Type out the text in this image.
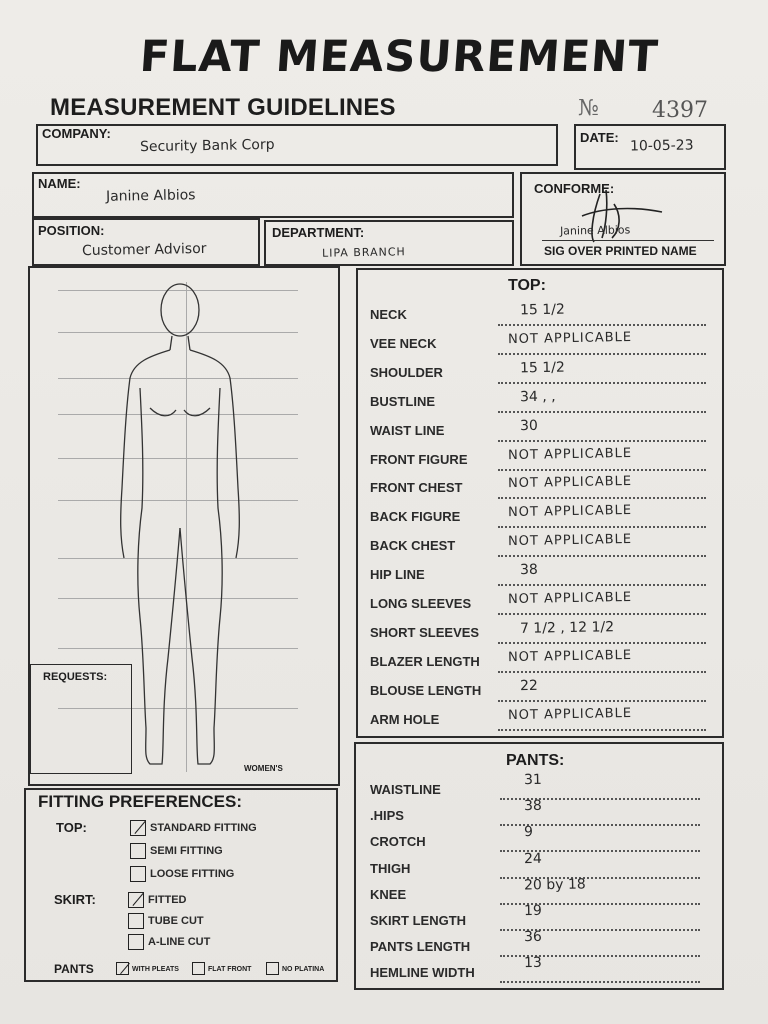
FLAT MEASUREMENT
MEASUREMENT GUIDELINES	№ 4397
COMPANY:
Security Bank Corp	DATE: 10-05-23
NAME:
Janine Albios	CONFORME:
Janine Albios
SIG OVER PRINTED NAME
POSITION:
Customer Advisor
DEPARTMENT:
LIPA BRANCH
REQUESTS:
WOMEN'S
TOP:
NECK	15 1/2
VEE NECK	NOT APPLICABLE
SHOULDER	15 1/2
BUSTLINE	34 , ,
WAIST LINE	30
FRONT FIGURE	NOT APPLICABLE
FRONT CHEST	NOT APPLICABLE
BACK FIGURE	NOT APPLICABLE
BACK CHEST	NOT APPLICABLE
HIP LINE	38
LONG SLEEVES	NOT APPLICABLE
SHORT SLEEVES	7 1/2 , 12 1/2
BLAZER LENGTH NOT APPLICABLE
BLOUSE LENGTH	22
ARM HOLE	NOT APPLICABLE
PANTS:
WAISTLINE
31
.HIPS
38
CROTCH
9
THIGH
24
KNEE
20 by 18
SKIRT LENGTH
19
PANTS LENGTH
36
HEMLINE WIDTH
13
FITTING PREFERENCES:
TOP:
SKIRT:
PANTS
STANDARD FITTING
SEMI FITTING
LOOSE FITTING
FITTED
TUBE CUT
A-LINE CUT
WITH PLEATS	FLAT FRONT	NO PLATINA
